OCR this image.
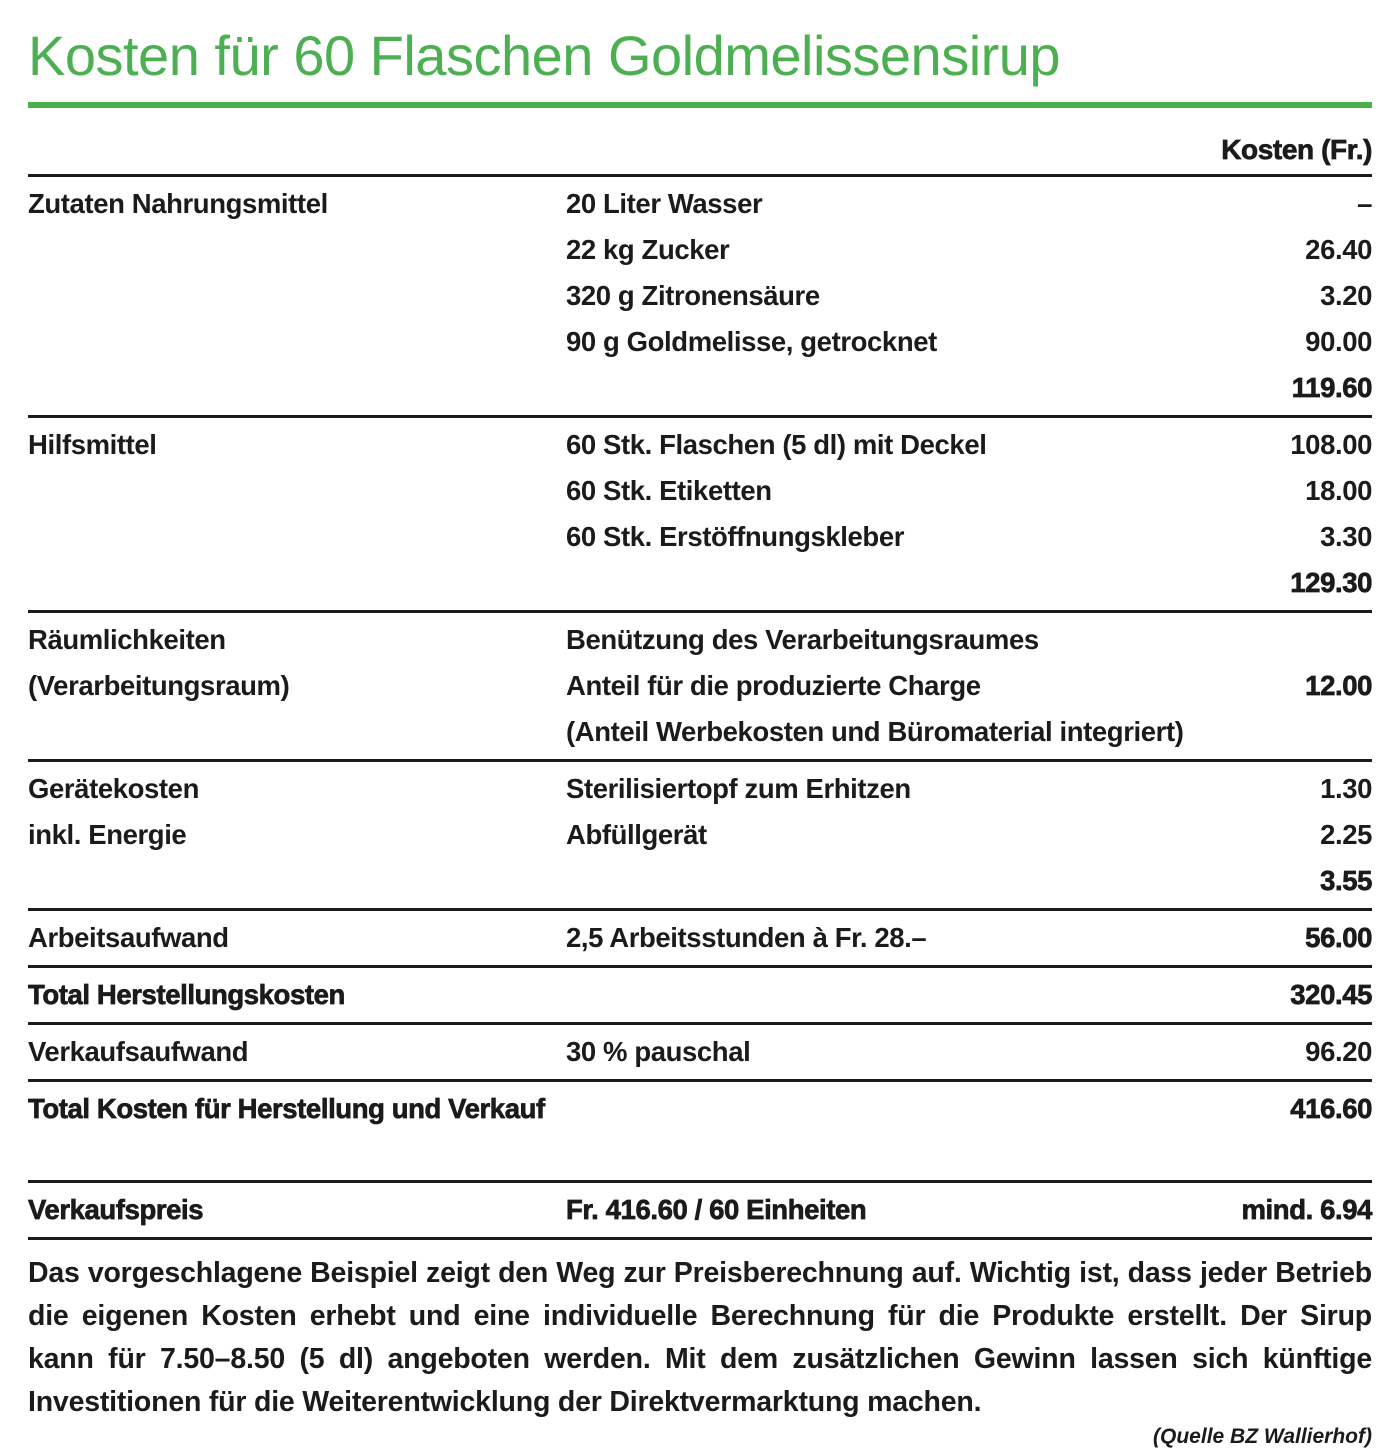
Kosten für 60 Flaschen Goldmelissensirup
Kosten (Fr.)
Zutaten Nahrungsmittel	20 Liter Wasser	–
22 kg Zucker	26.40
320 g Zitronensäure	3.20
90 g Goldmelisse, getrocknet	90.00
119.60
Hilfsmittel	60 Stk. Flaschen (5 dl) mit Deckel	108.00
60 Stk. Etiketten	18.00
60 Stk. Erstöffnungskleber	3.30
129.30
Räumlichkeiten	Benützung des Verarbeitungsraumes
(Verarbeitungsraum)	Anteil für die produzierte Charge	12.00
(Anteil Werbekosten und Büromaterial integriert)
Gerätekosten	Sterilisiertopf zum Erhitzen	1.30
inkl. Energie	Abfüllgerät	2.25
3.55
Arbeitsaufwand	2,5 Arbeitsstunden à Fr. 28.–	56.00
Total Herstellungskosten	320.45
Verkaufsaufwand	30 % pauschal	96.20
Total Kosten für Herstellung und Verkauf	416.60
Verkaufspreis	Fr. 416.60 / 60 Einheiten	mind. 6.94

Das vorgeschlagene Beispiel zeigt den Weg zur Preisberechnung auf. Wichtig ist, dass jeder Betrieb die eigenen Kosten erhebt und eine individuelle Berechnung für die Produkte erstellt. Der Sirup kann für 7.50–8.50 (5 dl) angeboten werden. Mit dem zusätzlichen Gewinn lassen sich künftige Investitionen für die Weiterentwicklung der Direktvermarktung machen.

(Quelle BZ Wallierhof)
